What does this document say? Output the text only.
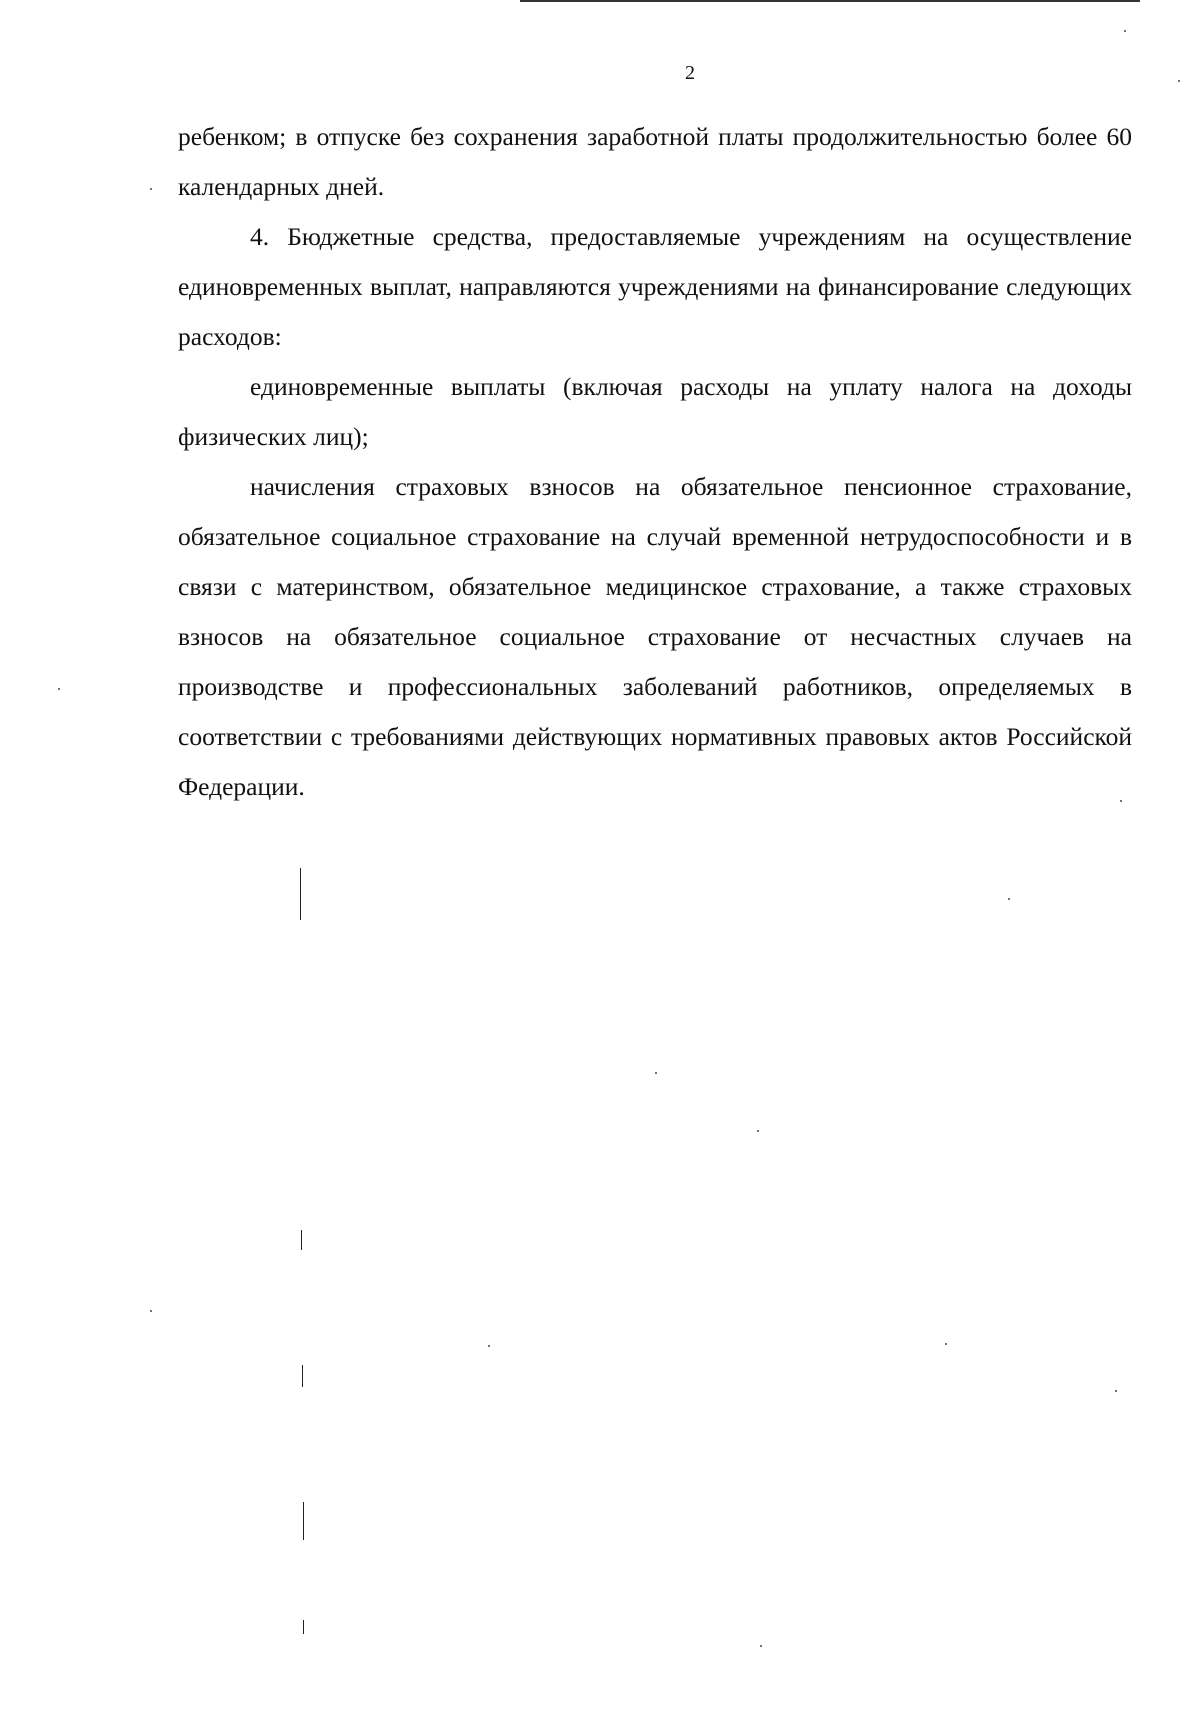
2

ребенком; в отпуске без сохранения заработной платы продолжительностью более 60 календарных дней.

4. Бюджетные средства, предоставляемые учреждениям на осуществление единовременных выплат, направляются учреждениями на финансирование следующих расходов:

единовременные выплаты (включая расходы на уплату налога на доходы физических лиц);

начисления страховых взносов на обязательное пенсионное страхование, обязательное социальное страхование на случай временной нетрудоспособности и в связи с материнством, обязательное медицинское страхование, а также страховых взносов на обязательное социальное страхование от несчастных случаев на производстве и профессиональных заболеваний работников, определяемых в соответствии с требованиями действующих нормативных правовых актов Российской Федерации.
